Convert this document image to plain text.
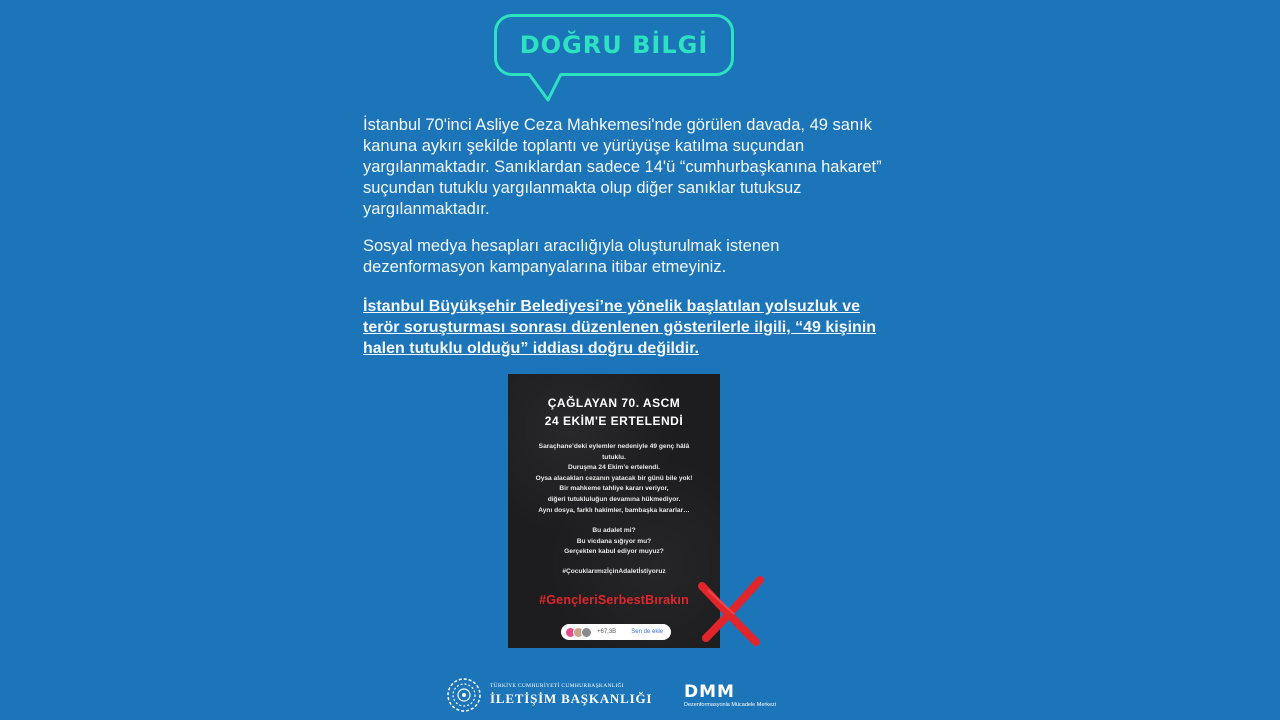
DOĞRU BİLGİ
İstanbul 70'inci Asliye Ceza Mahkemesi'nde görülen davada, 49 sanık kanuna aykırı şekilde toplantı ve yürüyüşe katılma suçundan yargılanmaktadır. Sanıklardan sadece 14'ü “cumhurbaşkanına hakaret” suçundan tutuklu yargılanmakta olup diğer sanıklar tutuksuz yargılanmaktadır.
Sosyal medya hesapları aracılığıyla oluşturulmak istenen dezenformasyon kampanyalarına itibar etmeyiniz.
İstanbul Büyükşehir Belediyesi’ne yönelik başlatılan yolsuzluk ve terör soruşturması sonrası düzenlenen gösterilerle ilgili, “49 kişinin halen tutuklu olduğu” iddiası doğru değildir.
ÇAĞLAYAN 70. ASCM
24 EKİM'E ERTELENDİ
Saraçhane’deki eylemler nedeniyle 49 genç hâlâ
tutuklu.
Duruşma 24 Ekim’e ertelendi.
Oysa alacakları cezanın yatacak bir günü bile yok!
Bir mahkeme tahliye kararı veriyor,
diğeri tutukluluğun devamına hükmediyor.
Aynı dosya, farklı hakimler, bambaşka kararlar…
Bu adalet mi?
Bu vicdana sığıyor mu?
Gerçekten kabul ediyor muyuz?
#ÇocuklarımızİçinAdaletİstiyoruz
#GençleriSerbestBırakın
+67,3B	Sen de ekle
TÜRKİYE CUMHURİYETİ CUMHURBAŞKANLIĞI
İLETİŞİM BAŞKANLIĞI DMM
Dezenformasyonla Mücadele Merkezi
